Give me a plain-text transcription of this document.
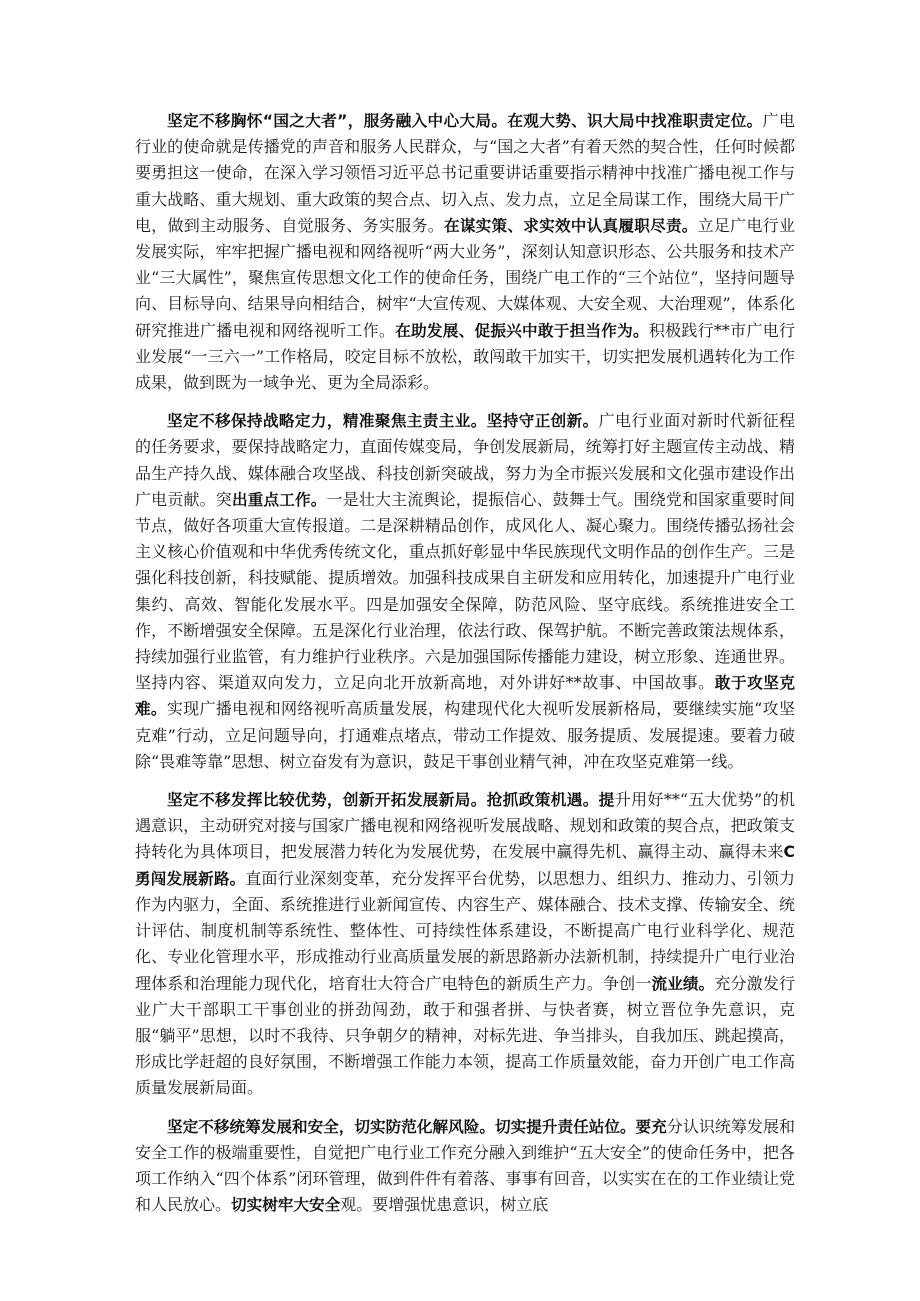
坚定不移胸怀“国之大者”，服务融入中心大局。在观大势、识大局中找准职责定位。广电行业的使命就是传播党的声音和服务人民群众，与“国之大者”有着天然的契合性，任何时候都要勇担这一使命，在深入学习领悟习近平总书记重要讲话重要指示精神中找准广播电视工作与重大战略、重大规划、重大政策的契合点、切入点、发力点，立足全局谋工作，围绕大局干广电，做到主动服务、自觉服务、务实服务。在谋实策、求实效中认真履职尽责。立足广电行业发展实际，牢牢把握广播电视和网络视听“两大业务”，深刻认知意识形态、公共服务和技术产业“三大属性”，聚焦宣传思想文化工作的使命任务，围绕广电工作的“三个站位”，坚持问题导向、目标导向、结果导向相结合，树牢“大宣传观、大媒体观、大安全观、大治理观”，体系化研究推进广播电视和网络视听工作。在助发展、促振兴中敢于担当作为。积极践行**市广电行业发展“一三六一”工作格局，咬定目标不放松，敢闯敢干加实干，切实把发展机遇转化为工作成果，做到既为一域争光、更为全局添彩。

坚定不移保持战略定力，精准聚焦主责主业。坚持守正创新。广电行业面对新时代新征程的任务要求，要保持战略定力，直面传媒变局，争创发展新局，统筹打好主题宣传主动战、精品生产持久战、媒体融合攻坚战、科技创新突破战，努力为全市振兴发展和文化强市建设作出广电贡献。突出重点工作。一是壮大主流舆论，提振信心、鼓舞士气。围绕党和国家重要时间节点，做好各项重大宣传报道。二是深耕精品创作，成风化人、凝心聚力。围绕传播弘扬社会主义核心价值观和中华优秀传统文化，重点抓好彰显中华民族现代文明作品的创作生产。三是强化科技创新，科技赋能、提质增效。加强科技成果自主研发和应用转化，加速提升广电行业集约、高效、智能化发展水平。四是加强安全保障，防范风险、坚守底线。系统推进安全工作，不断增强安全保障。五是深化行业治理，依法行政、保驾护航。不断完善政策法规体系，持续加强行业监管，有力维护行业秩序。六是加强国际传播能力建设，树立形象、连通世界。坚持内容、渠道双向发力，立足向北开放新高地，对外讲好**故事、中国故事。敢于攻坚克难。实现广播电视和网络视听高质量发展，构建现代化大视听发展新格局，要继续实施“攻坚克难”行动，立足问题导向，打通难点堵点，带动工作提效、服务提质、发展提速。要着力破除“畏难等靠”思想、树立奋发有为意识，鼓足干事创业精气神，冲在攻坚克难第一线。

坚定不移发挥比较优势，创新开拓发展新局。抢抓政策机遇。提升用好**“五大优势”的机遇意识，主动研究对接与国家广播电视和网络视听发展战略、规划和政策的契合点，把政策支持转化为具体项目，把发展潜力转化为发展优势，在发展中赢得先机、赢得主动、赢得未来C勇闯发展新路。直面行业深刻变革，充分发挥平台优势，以思想力、组织力、推动力、引领力作为内驱力，全面、系统推进行业新闻宣传、内容生产、媒体融合、技术支撑、传输安全、统计评估、制度机制等系统性、整体性、可持续性体系建设，不断提高广电行业科学化、规范化、专业化管理水平，形成推动行业高质量发展的新思路新办法新机制，持续提升广电行业治理体系和治理能力现代化，培育壮大符合广电特色的新质生产力。争创一流业绩。充分激发行业广大干部职工干事创业的拼劲闯劲，敢于和强者拼、与快者赛，树立晋位争先意识，克服“躺平”思想，以时不我待、只争朝夕的精神，对标先进、争当排头，自我加压、跳起摸高，形成比学赶超的良好氛围，不断增强工作能力本领，提高工作质量效能，奋力开创广电工作高质量发展新局面。

坚定不移统筹发展和安全，切实防范化解风险。切实提升责任站位。要充分认识统筹发展和安全工作的极端重要性，自觉把广电行业工作充分融入到维护“五大安全”的使命任务中，把各项工作纳入“四个体系”闭环管理，做到件件有着落、事事有回音，以实实在在的工作业绩让党和人民放心。切实树牢大安全观。要增强忧患意识，树立底
